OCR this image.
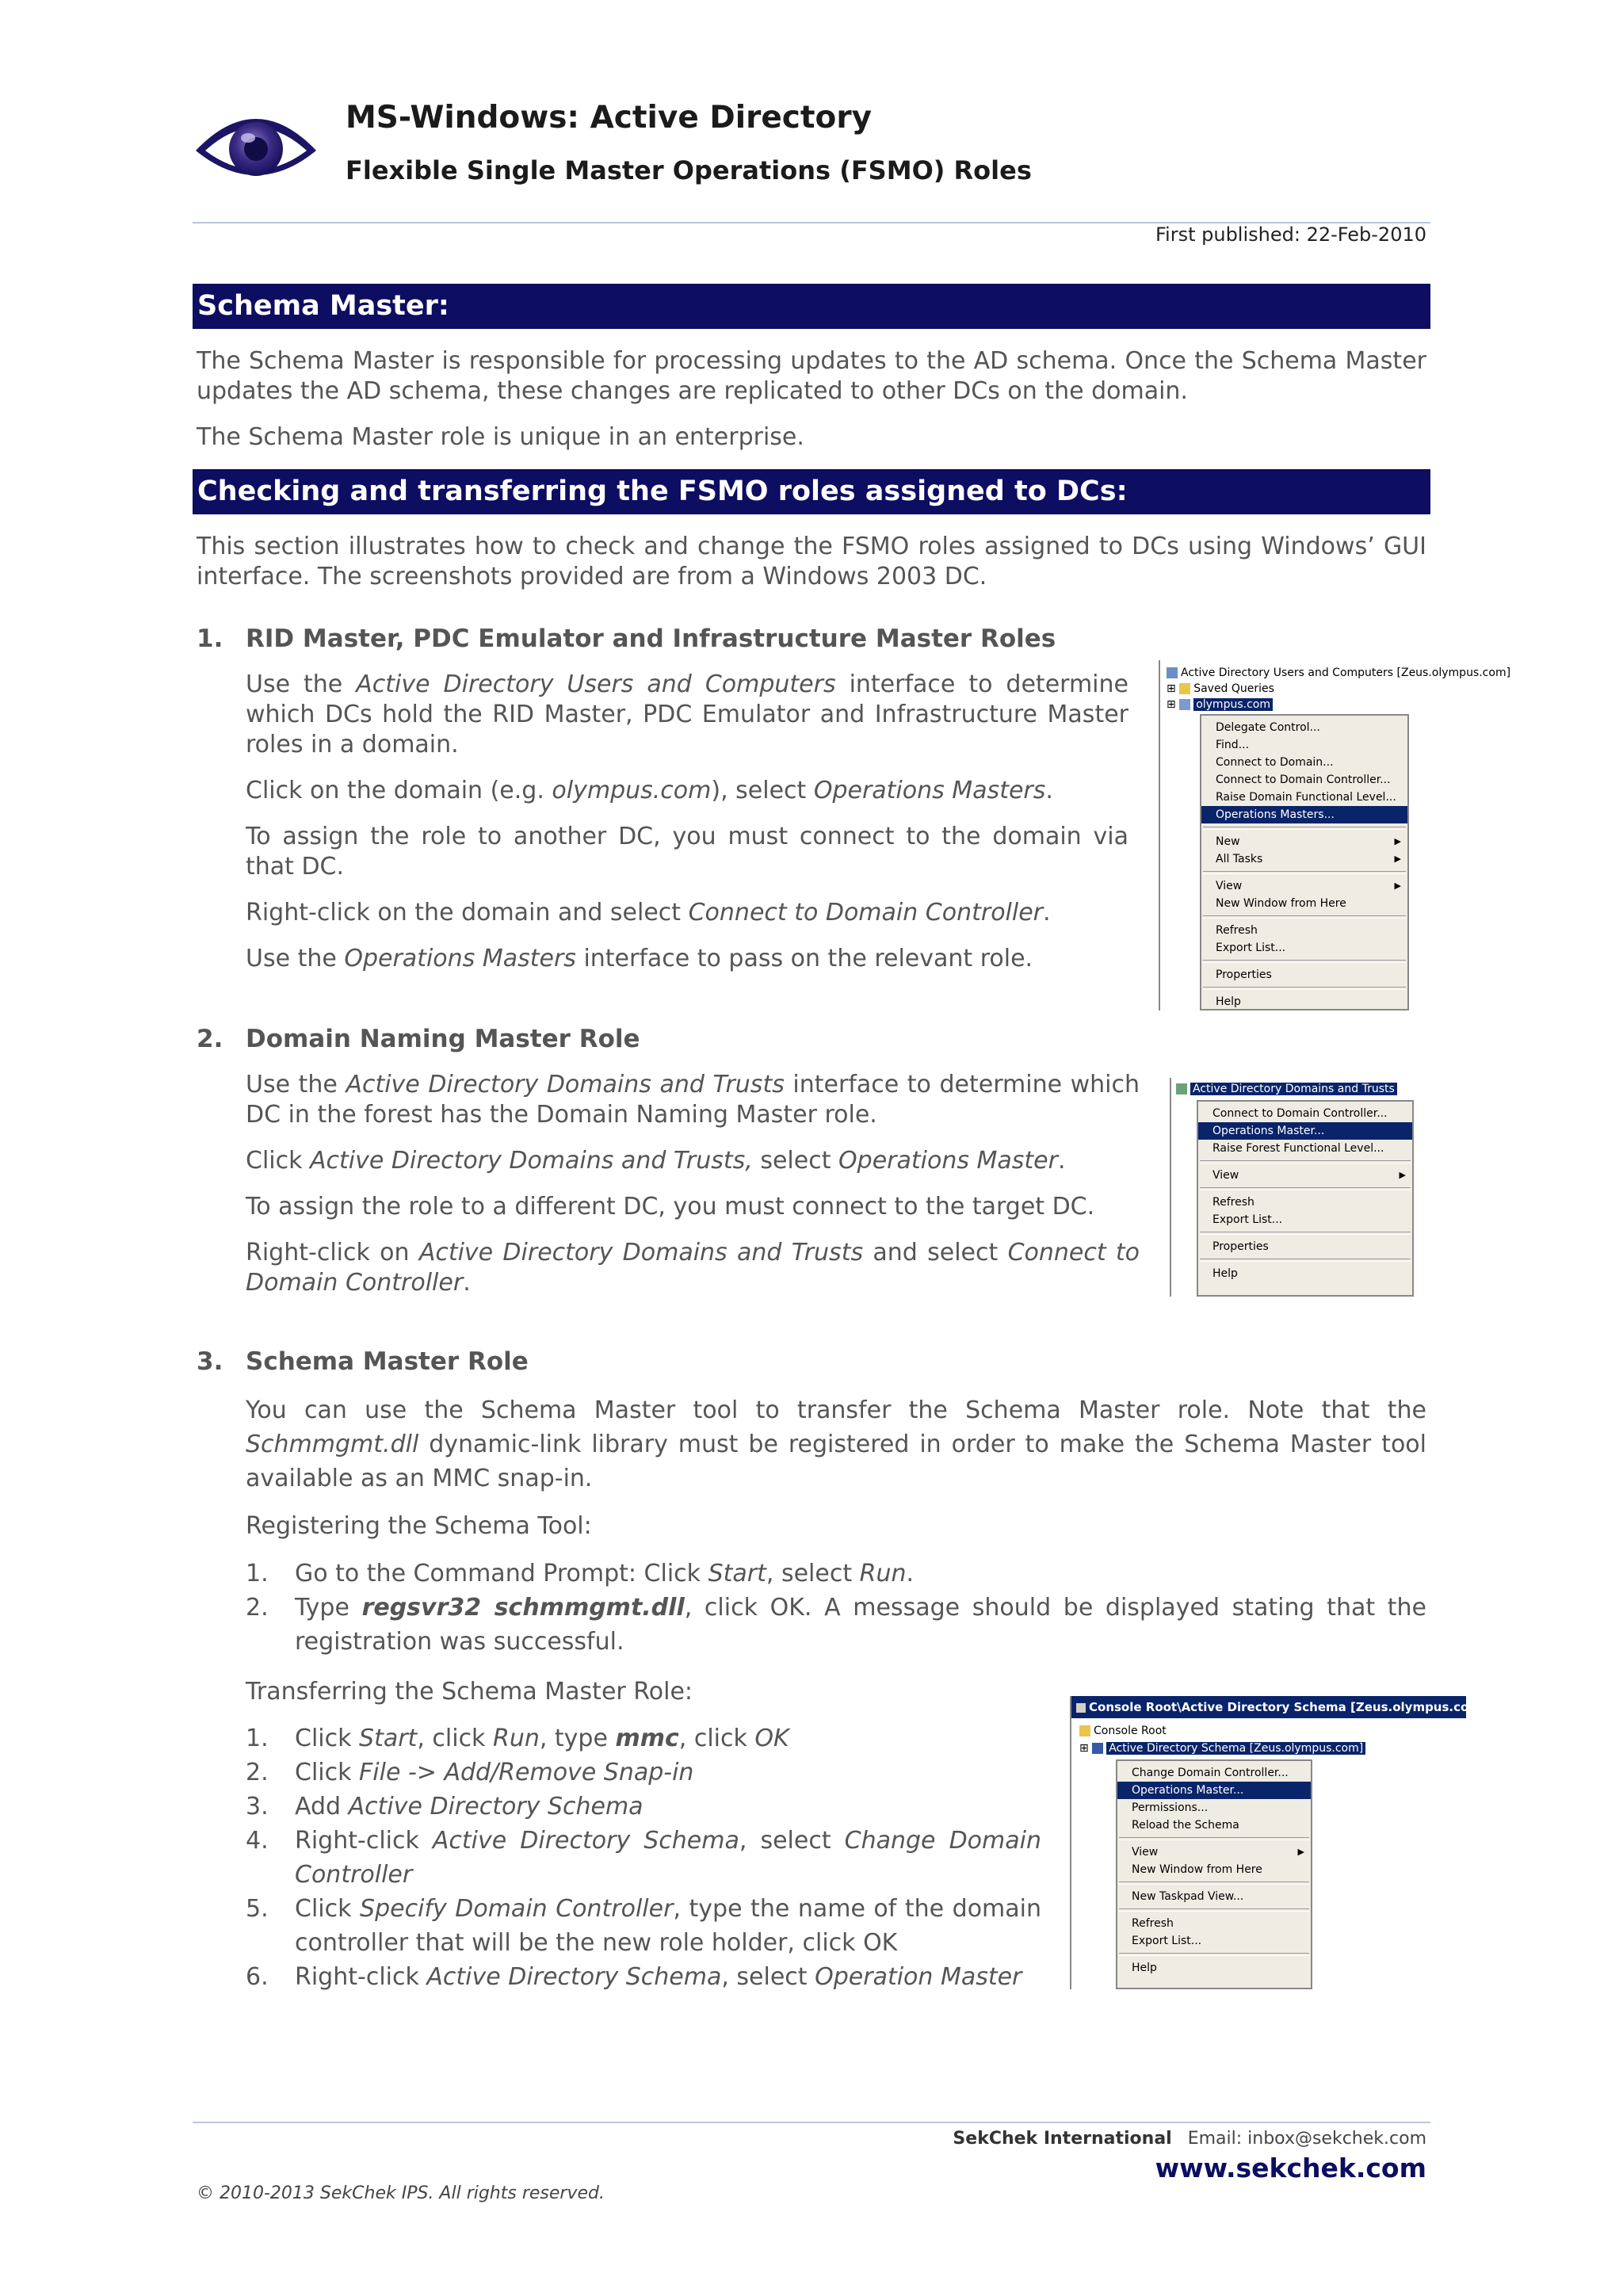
MS-Windows: Active Directory
Flexible Single Master Operations (FSMO) Roles
First published: 22-Feb-2010
Schema Master:

The Schema Master is responsible for processing updates to the AD schema. Once the Schema Master updates the AD schema, these changes are replicated to other DCs on the domain.

The Schema Master role is unique in an enterprise.

Checking and transferring the FSMO roles assigned to DCs:

This section illustrates how to check and change the FSMO roles assigned to DCs using Windows’ GUI interface. The screenshots provided are from a Windows 2003 DC.

1. RID Master, PDC Emulator and Infrastructure Master Roles

Use the Active Directory Users and Computers interface to determine which DCs hold the RID Master, PDC Emulator and Infrastructure Master roles in a domain.

Click on the domain (e.g. olympus.com), select Operations Masters.

To assign the role to another DC, you must connect to the domain via that DC.

Right-click on the domain and select Connect to Domain Controller.

Use the Operations Masters interface to pass on the relevant role.

Active Directory Users and Computers [Zeus.olympus.com]
⊞ Saved Queries
⊞ olympus.com
Delegate Control...
Find...
Connect to Domain...
Connect to Domain Controller...
Raise Domain Functional Level...
Operations Masters...
New	▶
All Tasks	▶
View	▶
New Window from Here
Refresh
Export List...
Properties
Help
2. Domain Naming Master Role

Use the Active Directory Domains and Trusts interface to determine which DC in the forest has the Domain Naming Master role.

Click Active Directory Domains and Trusts, select Operations Master.

To assign the role to a different DC, you must connect to the target DC.

Right-click on Active Directory Domains and Trusts and select Connect to Domain Controller.

Active Directory Domains and Trusts
Connect to Domain Controller...
Operations Master...
Raise Forest Functional Level...
View	▶
Refresh
Export List...
Properties
Help
3. Schema Master Role

You can use the Schema Master tool to transfer the Schema Master role. Note that the Schmmgmt.dll dynamic-link library must be registered in order to make the Schema Master tool available as an MMC snap-in.

Registering the Schema Tool:
1. Go to the Command Prompt: Click Start, select Run.
2. Type regsvr32 schmmgmt.dll, click OK. A message should be displayed stating that the registration was successful.
Transferring the Schema Master Role:
1. Click Start, click Run, type mmc, click OK
2. Click File -> Add/Remove Snap-in
3. Add Active Directory Schema
4. Right-click Active Directory Schema, select Change Domain Controller
5. Click Specify Domain Controller, type the name of the domain controller that will be the new role holder, click OK
6. Right-click Active Directory Schema, select Operation Master
Console Root\Active Directory Schema [Zeus.olympus.com]
Console Root
⊞ Active Directory Schema [Zeus.olympus.com]
Change Domain Controller...
Operations Master...
Permissions...
Reload the Schema
View	▶
New Window from Here
New Taskpad View...
Refresh
Export List...
Help
SekChek International Email: inbox@sekchek.com
www.sekchek.com
© 2010-2013 SekChek IPS. All rights reserved.
